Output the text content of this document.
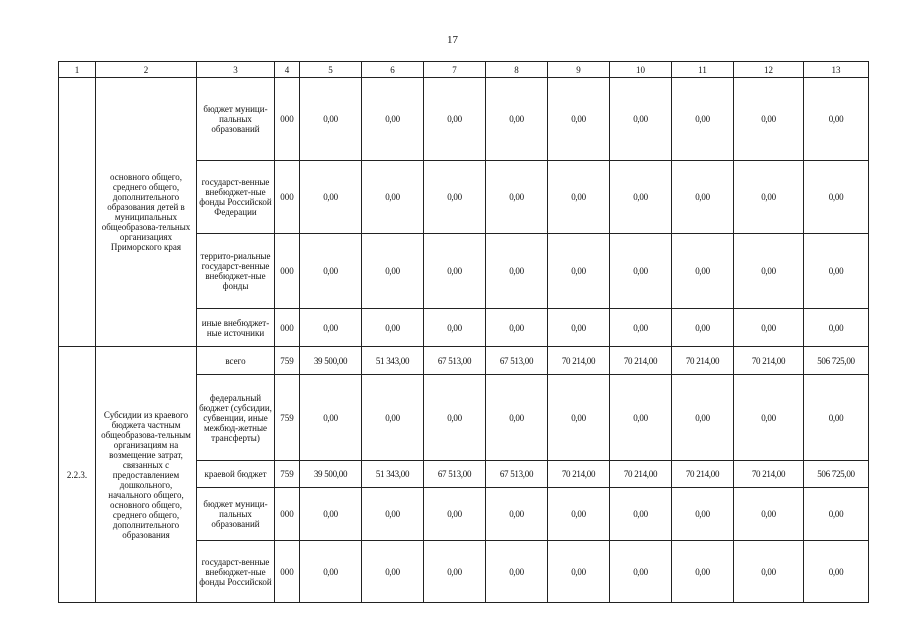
17
1	2	3	4	5	6	7	8	9	10	11	12	13
	основного общего, среднего общего, дополнительного образования детей в муниципальных общеобразова-тельных организациях Приморского края	бюджет муници-пальных образований	000	0,00	0,00	0,00	0,00	0,00	0,00	0,00	0,00	0,00
		государст-венные внебюджет-ные фонды Российской Федерации	000	0,00	0,00	0,00	0,00	0,00	0,00	0,00	0,00	0,00
		террито-риальные государст-венные внебюджет-ные фонды	000	0,00	0,00	0,00	0,00	0,00	0,00	0,00	0,00	0,00
		иные внебюджет-ные источники	000	0,00	0,00	0,00	0,00	0,00	0,00	0,00	0,00	0,00
2.2.3.	Субсидии из краевого бюджета частным общеобразова-тельным организациям на возмещение затрат, связанных с предоставлением дошкольного, начального общего, основного общего, среднего общего, дополнительного образования	всего	759	39 500,00	51 343,00	67 513,00	67 513,00	70 214,00	70 214,00	70 214,00	70 214,00	506 725,00
		федеральный бюджет (субсидии, субвенции, иные межбюд-жетные трансферты)	759	0,00	0,00	0,00	0,00	0,00	0,00	0,00	0,00	0,00
		краевой бюджет	759	39 500,00	51 343,00	67 513,00	67 513,00	70 214,00	70 214,00	70 214,00	70 214,00	506 725,00
		бюджет муници-пальных образований	000	0,00	0,00	0,00	0,00	0,00	0,00	0,00	0,00	0,00
		государст-венные внебюджет-ные фонды Российской	000	0,00	0,00	0,00	0,00	0,00	0,00	0,00	0,00	0,00
